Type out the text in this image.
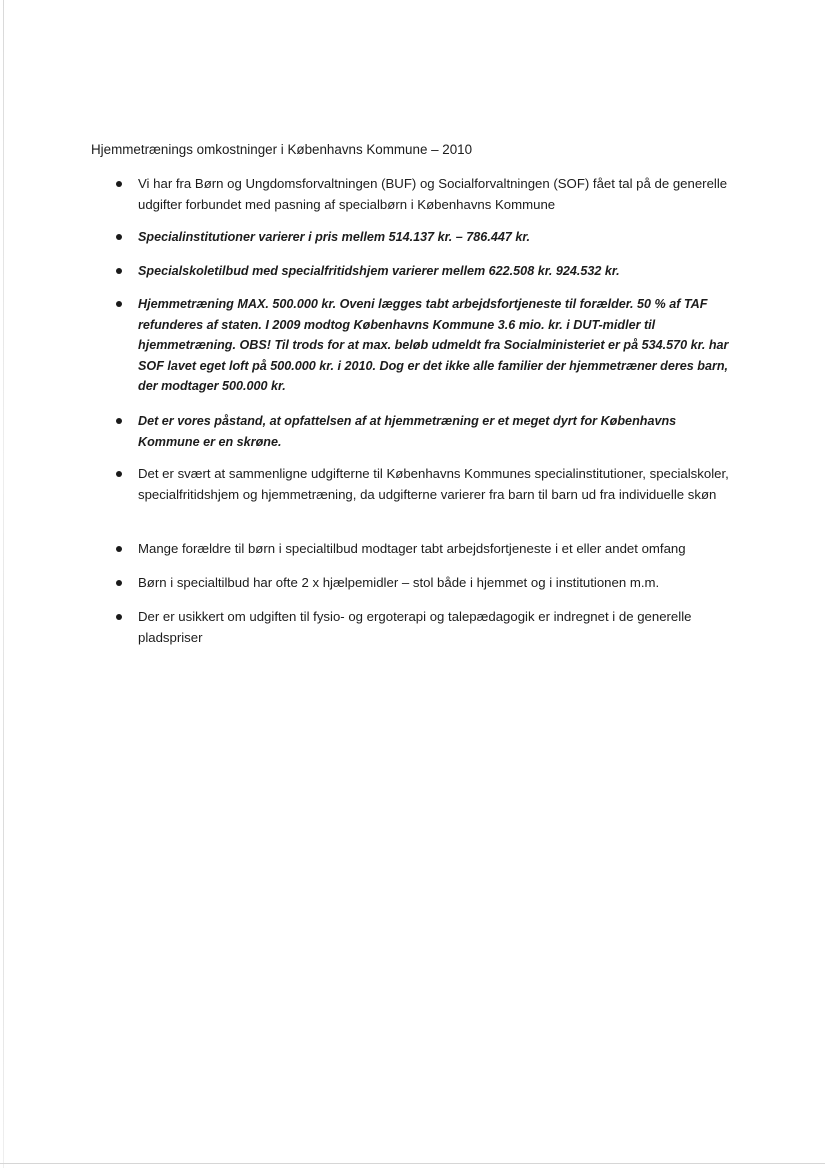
Hjemmetrænings omkostninger i Københavns Kommune – 2010
Vi har fra Børn og Ungdomsforvaltningen (BUF) og Socialforvaltningen (SOF) fået tal på de generelle udgifter forbundet med pasning af specialbørn i Københavns Kommune
Specialinstitutioner varierer i pris mellem 514.137 kr. – 786.447 kr.
Specialskoletilbud med specialfritidshjem varierer mellem 622.508 kr. 924.532 kr.
Hjemmetræning MAX. 500.000 kr. Oveni lægges tabt arbejdsfortjeneste til forælder. 50 % af TAF refunderes af staten. I 2009 modtog Københavns Kommune 3.6 mio. kr. i DUT-midler til hjemmetræning. OBS! Til trods for at max. beløb udmeldt fra Socialministeriet er på 534.570 kr. har SOF lavet eget loft på 500.000 kr. i 2010. Dog er det ikke alle familier der hjemmetræner deres barn, der modtager 500.000 kr.
Det er vores påstand, at opfattelsen af at hjemmetræning er et meget dyrt for Københavns Kommune er en skrøne.
Det er svært at sammenligne udgifterne til Københavns Kommunes specialinstitutioner, specialskoler, specialfritidshjem og hjemmetræning, da udgifterne varierer fra barn til barn ud fra individuelle skøn
Mange forældre til børn i specialtilbud modtager tabt arbejdsfortjeneste i et eller andet omfang
Børn i specialtilbud har ofte 2 x hjælpemidler – stol både i hjemmet og i institutionen m.m.
Der er usikkert om udgiften til fysio- og ergoterapi og talepædagogik er indregnet i de generelle pladspriser
